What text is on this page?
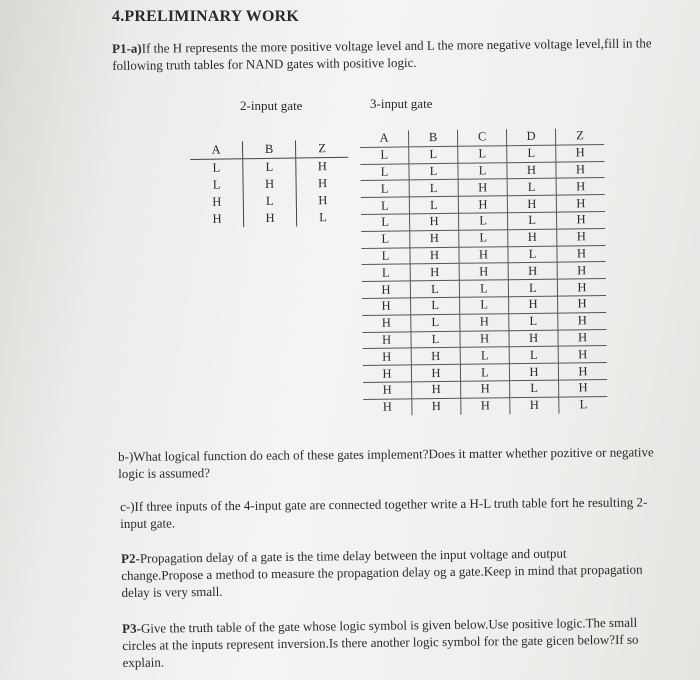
4.PRELIMINARY WORK
P1-a)If the H represents the more positive voltage level and L the more negative voltage level,fill in the following truth tables for NAND gates with positive logic.
2-input gate	3-input gate
A	B	Z
L	L	H
L	H	H
H	L	H
H	H	L
A	B	C	D	Z
L	L	L	L	H
L	L	L	H	H
L	L	H	L	H
L	L	H	H	H
L	H	L	L	H
L	H	L	H	H
L	H	H	L	H
L	H	H	H	H
H	L	L	L	H
H	L	L	H	H
H	L	H	L	H
H	L	H	H	H
H	H	L	L	H
H	H	L	H	H
H	H	H	L	H
H	H	H	H	L
b-)What logical function do each of these gates implement?Does it matter whether pozitive or negative logic is assumed?
c-)If three inputs of the 4-input gate are connected together write a H-L truth table fort he resulting 2-input gate.
P2-Propagation delay of a gate is the time delay between the input voltage and output change.Propose a method to measure the propagation delay og a gate.Keep in mind that propagation delay is very small.
P3-Give the truth table of the gate whose logic symbol is given below.Use positive logic.The small circles at the inputs represent inversion.Is there another logic symbol for the gate gicen below?If so explain.
